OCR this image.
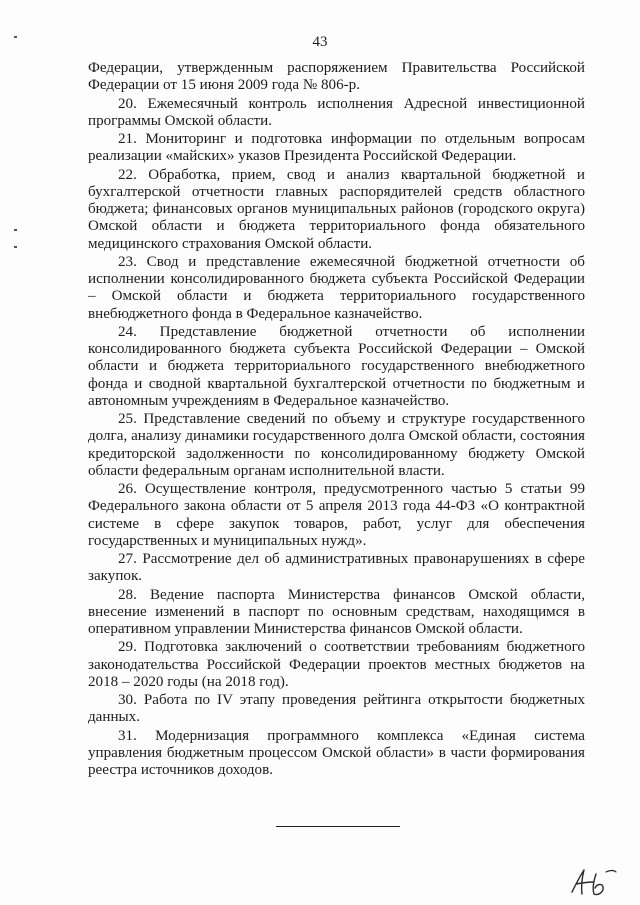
43

Федерации, утвержденным распоряжением Правительства Российской Федерации от 15 июня 2009 года № 806-р.

20. Ежемесячный контроль исполнения Адресной инвестиционной программы Омской области.

21. Мониторинг и подготовка информации по отдельным вопросам реализации «майских» указов Президента Российской Федерации.

22. Обработка, прием, свод и анализ квартальной бюджетной и бухгалтерской отчетности главных распорядителей средств областного бюджета; финансовых органов муниципальных районов (городского округа) Омской области и бюджета территориального фонда обязательного медицинского страхования Омской области.

23. Свод и представление ежемесячной бюджетной отчетности об исполнении консолидированного бюджета субъекта Российской Федерации – Омской области и бюджета территориального государственного внебюджетного фонда в Федеральное казначейство.

24. Представление бюджетной отчетности об исполнении консолидированного бюджета субъекта Российской Федерации – Омской области и бюджета территориального государственного внебюджетного фонда и сводной квартальной бухгалтерской отчетности по бюджетным и автономным учреждениям в Федеральное казначейство.

25. Представление сведений по объему и структуре государственного долга, анализу динамики государственного долга Омской области, состояния кредиторской задолженности по консолидированному бюджету Омской области федеральным органам исполнительной власти.

26. Осуществление контроля, предусмотренного частью 5 статьи 99 Федерального закона области от 5 апреля 2013 года 44-ФЗ «О контрактной системе в сфере закупок товаров, работ, услуг для обеспечения государственных и муниципальных нужд».

27. Рассмотрение дел об административных правонарушениях в сфере закупок.

28. Ведение паспорта Министерства финансов Омской области, внесение изменений в паспорт по основным средствам, находящимся в оперативном управлении Министерства финансов Омской области.

29. Подготовка заключений о соответствии требованиям бюджетного законодательства Российской Федерации проектов местных бюджетов на 2018 – 2020 годы (на 2018 год).

30. Работа по IV этапу проведения рейтинга открытости бюджетных данных.

31. Модернизация программного комплекса «Единая система управления бюджетным процессом Омской области» в части формирования реестра источников доходов.
